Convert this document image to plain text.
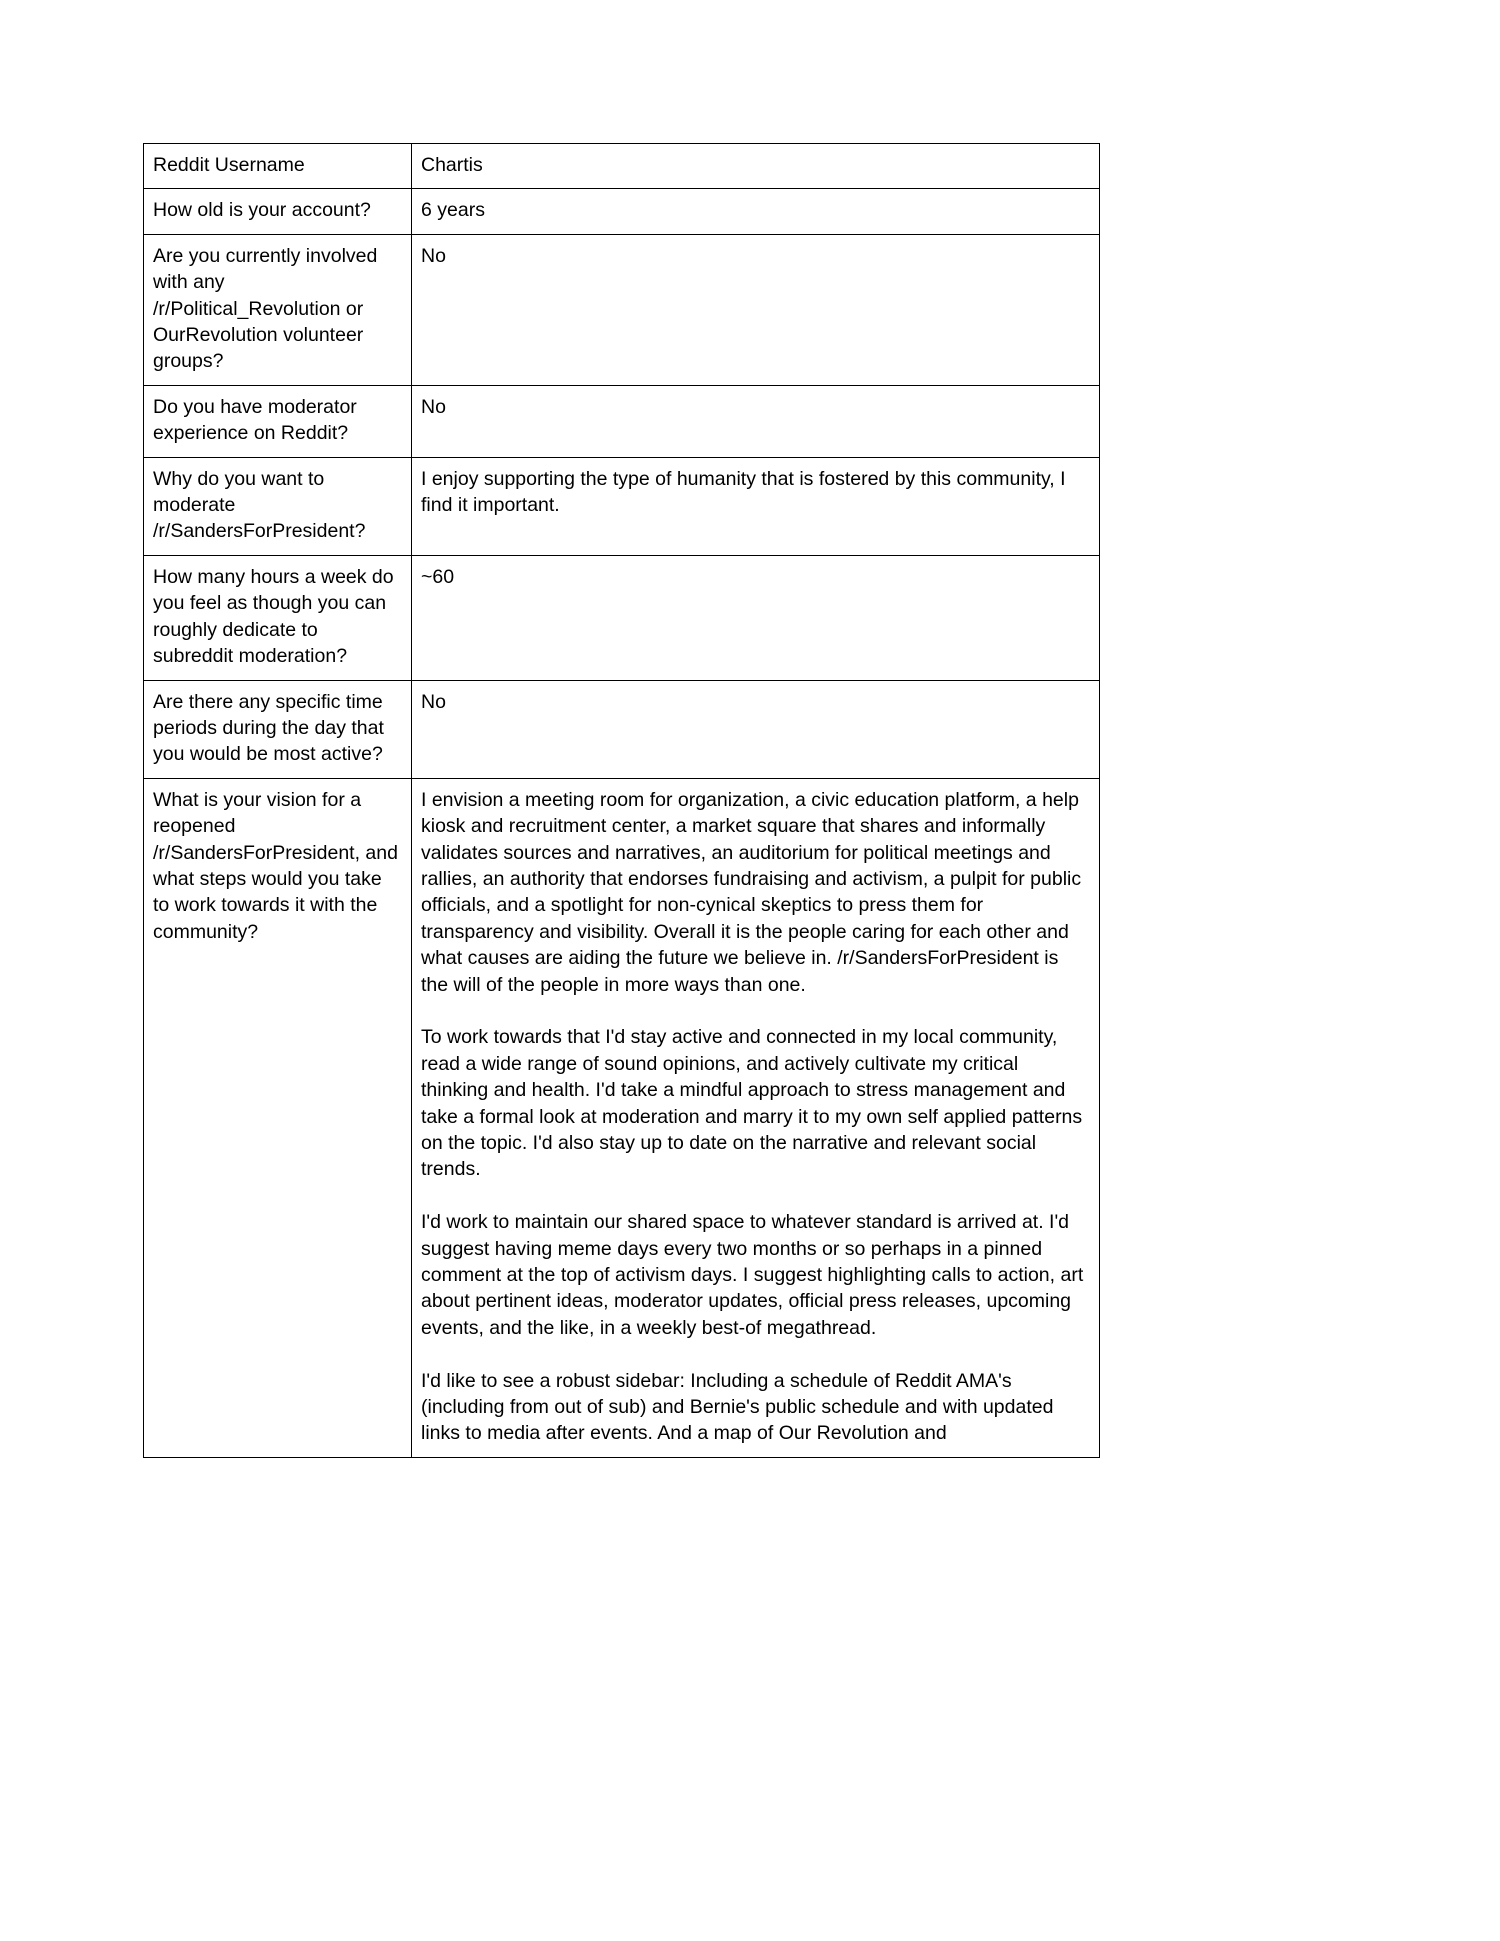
Reddit Username	Chartis

How old is your account?	6 years

Are you currently involved with any /r/Political_Revolution or OurRevolution volunteer groups?	No

Do you have moderator experience on Reddit?	No

Why do you want to moderate /r/SandersForPresident?	I enjoy supporting the type of humanity that is fostered by this community, I find it important.

How many hours a week do you feel as though you can roughly dedicate to subreddit moderation?	~60

Are there any specific time periods during the day that you would be most active?	No

What is your vision for a reopened /r/SandersForPresident, and what steps would you take to work towards it with the community?	I envision a meeting room for organization, a civic education platform, a help kiosk and recruitment center, a market square that shares and informally validates sources and narratives, an auditorium for political meetings and rallies, an authority that endorses fundraising and activism, a pulpit for public officials, and a spotlight for non-cynical skeptics to press them for transparency and visibility. Overall it is the people caring for each other and what causes are aiding the future we believe in. /r/SandersForPresident is the will of the people in more ways than one.

To work towards that I'd stay active and connected in my local community, read a wide range of sound opinions, and actively cultivate my critical thinking and health. I'd take a mindful approach to stress management and take a formal look at moderation and marry it to my own self applied patterns on the topic. I'd also stay up to date on the narrative and relevant social trends.

I'd work to maintain our shared space to whatever standard is arrived at. I'd suggest having meme days every two months or so perhaps in a pinned comment at the top of activism days. I suggest highlighting calls to action, art about pertinent ideas, moderator updates, official press releases, upcoming events, and the like, in a weekly best-of megathread.

I'd like to see a robust sidebar: Including a schedule of Reddit AMA's (including from out of sub) and Bernie's public schedule and with updated links to media after events. And a map of Our Revolution and
